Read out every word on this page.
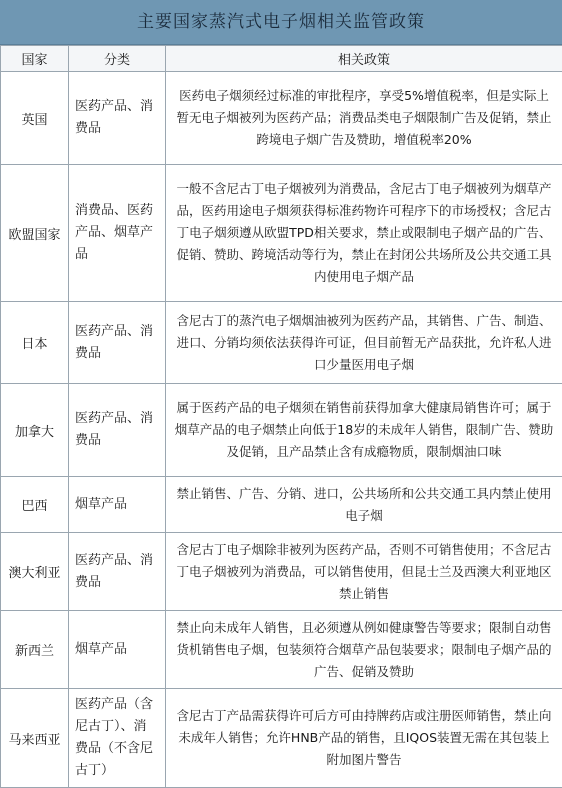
主要国家蒸汽式电子烟相关监管政策
国家	分类	相关政策
英国	医药产品、消费品	医药电子烟须经过标准的审批程序，享受5%增值税率，但是实际上暂无电子烟被列为医药产品；消费品类电子烟限制广告及促销，禁止跨境电子烟广告及赞助，增值税率20%
欧盟国家	消费品、医药产品、烟草产品	一般不含尼古丁电子烟被列为消费品，含尼古丁电子烟被列为烟草产品，医药用途电子烟须获得标准药物许可程序下的市场授权；含尼古丁电子烟须遵从欧盟TPD相关要求，禁止或限制电子烟产品的广告、促销、赞助、跨境活动等行为，禁止在封闭公共场所及公共交通工具内使用电子烟产品
日本	医药产品、消费品	含尼古丁的蒸汽电子烟烟油被列为医药产品，其销售、广告、制造、进口、分销均须依法获得许可证，但目前暂无产品获批，允许私人进口少量医用电子烟
加拿大	医药产品、消费品	属于医药产品的电子烟须在销售前获得加拿大健康局销售许可；属于烟草产品的电子烟禁止向低于18岁的未成年人销售，限制广告、赞助及促销，且产品禁止含有成瘾物质，限制烟油口味
巴西	烟草产品	禁止销售、广告、分销、进口，公共场所和公共交通工具内禁止使用电子烟
澳大利亚	医药产品、消费品	含尼古丁电子烟除非被列为医药产品，否则不可销售使用；不含尼古丁电子烟被列为消费品，可以销售使用，但昆士兰及西澳大利亚地区禁止销售
新西兰	烟草产品	禁止向未成年人销售，且必须遵从例如健康警告等要求；限制自动售货机销售电子烟，包装须符合烟草产品包装要求；限制电子烟产品的广告、促销及赞助
马来西亚	医药产品（含尼古丁）、消费品（不含尼古丁）	含尼古丁产品需获得许可后方可由持牌药店或注册医师销售，禁止向未成年人销售；允许HNB产品的销售，且IQOS装置无需在其包装上附加图片警告
